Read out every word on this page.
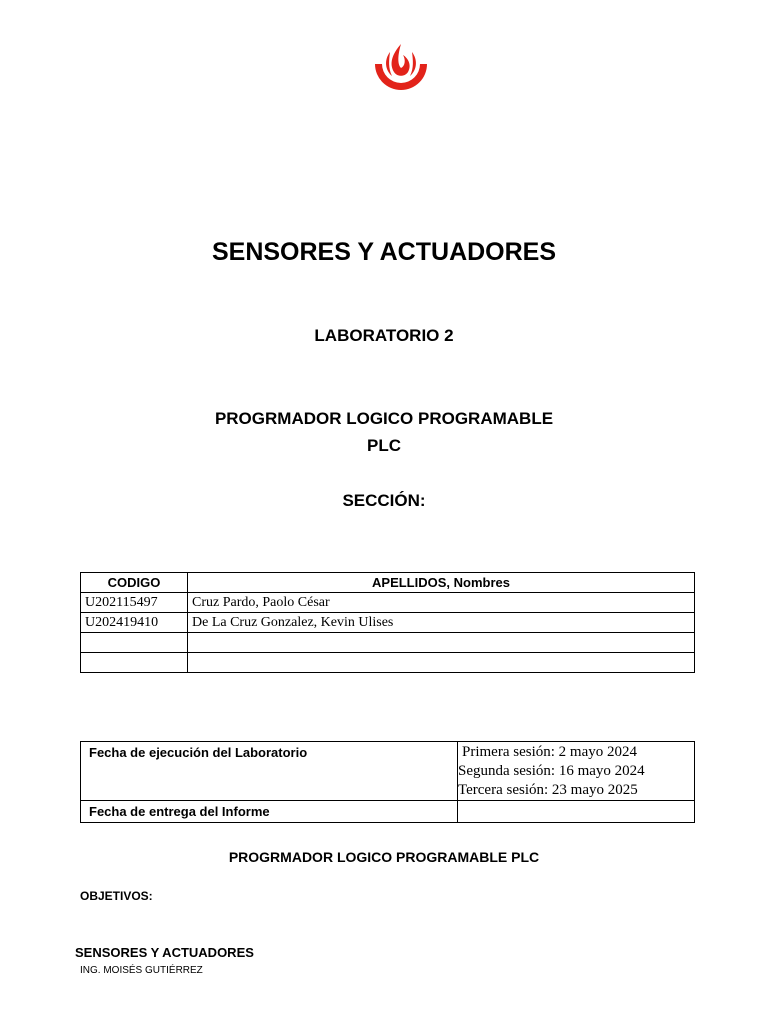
SENSORES Y ACTUADORES
LABORATORIO 2
PROGRMADOR LOGICO PROGRAMABLE
PLC
SECCIÓN:
CODIGO	APELLIDOS, Nombres
U202115497	Cruz Pardo, Paolo César
U202419410	De La Cruz Gonzalez, Kevin Ulises

Fecha de ejecución del Laboratorio	Primera sesión: 2 mayo 2024
Segunda sesión: 16 mayo 2024
Tercera sesión: 23 mayo 2025

Fecha de entrega del Informe	
PROGRMADOR LOGICO PROGRAMABLE PLC
OBJETIVOS:
SENSORES Y ACTUADORES
ING. MOISÉS GUTIÉRREZ
